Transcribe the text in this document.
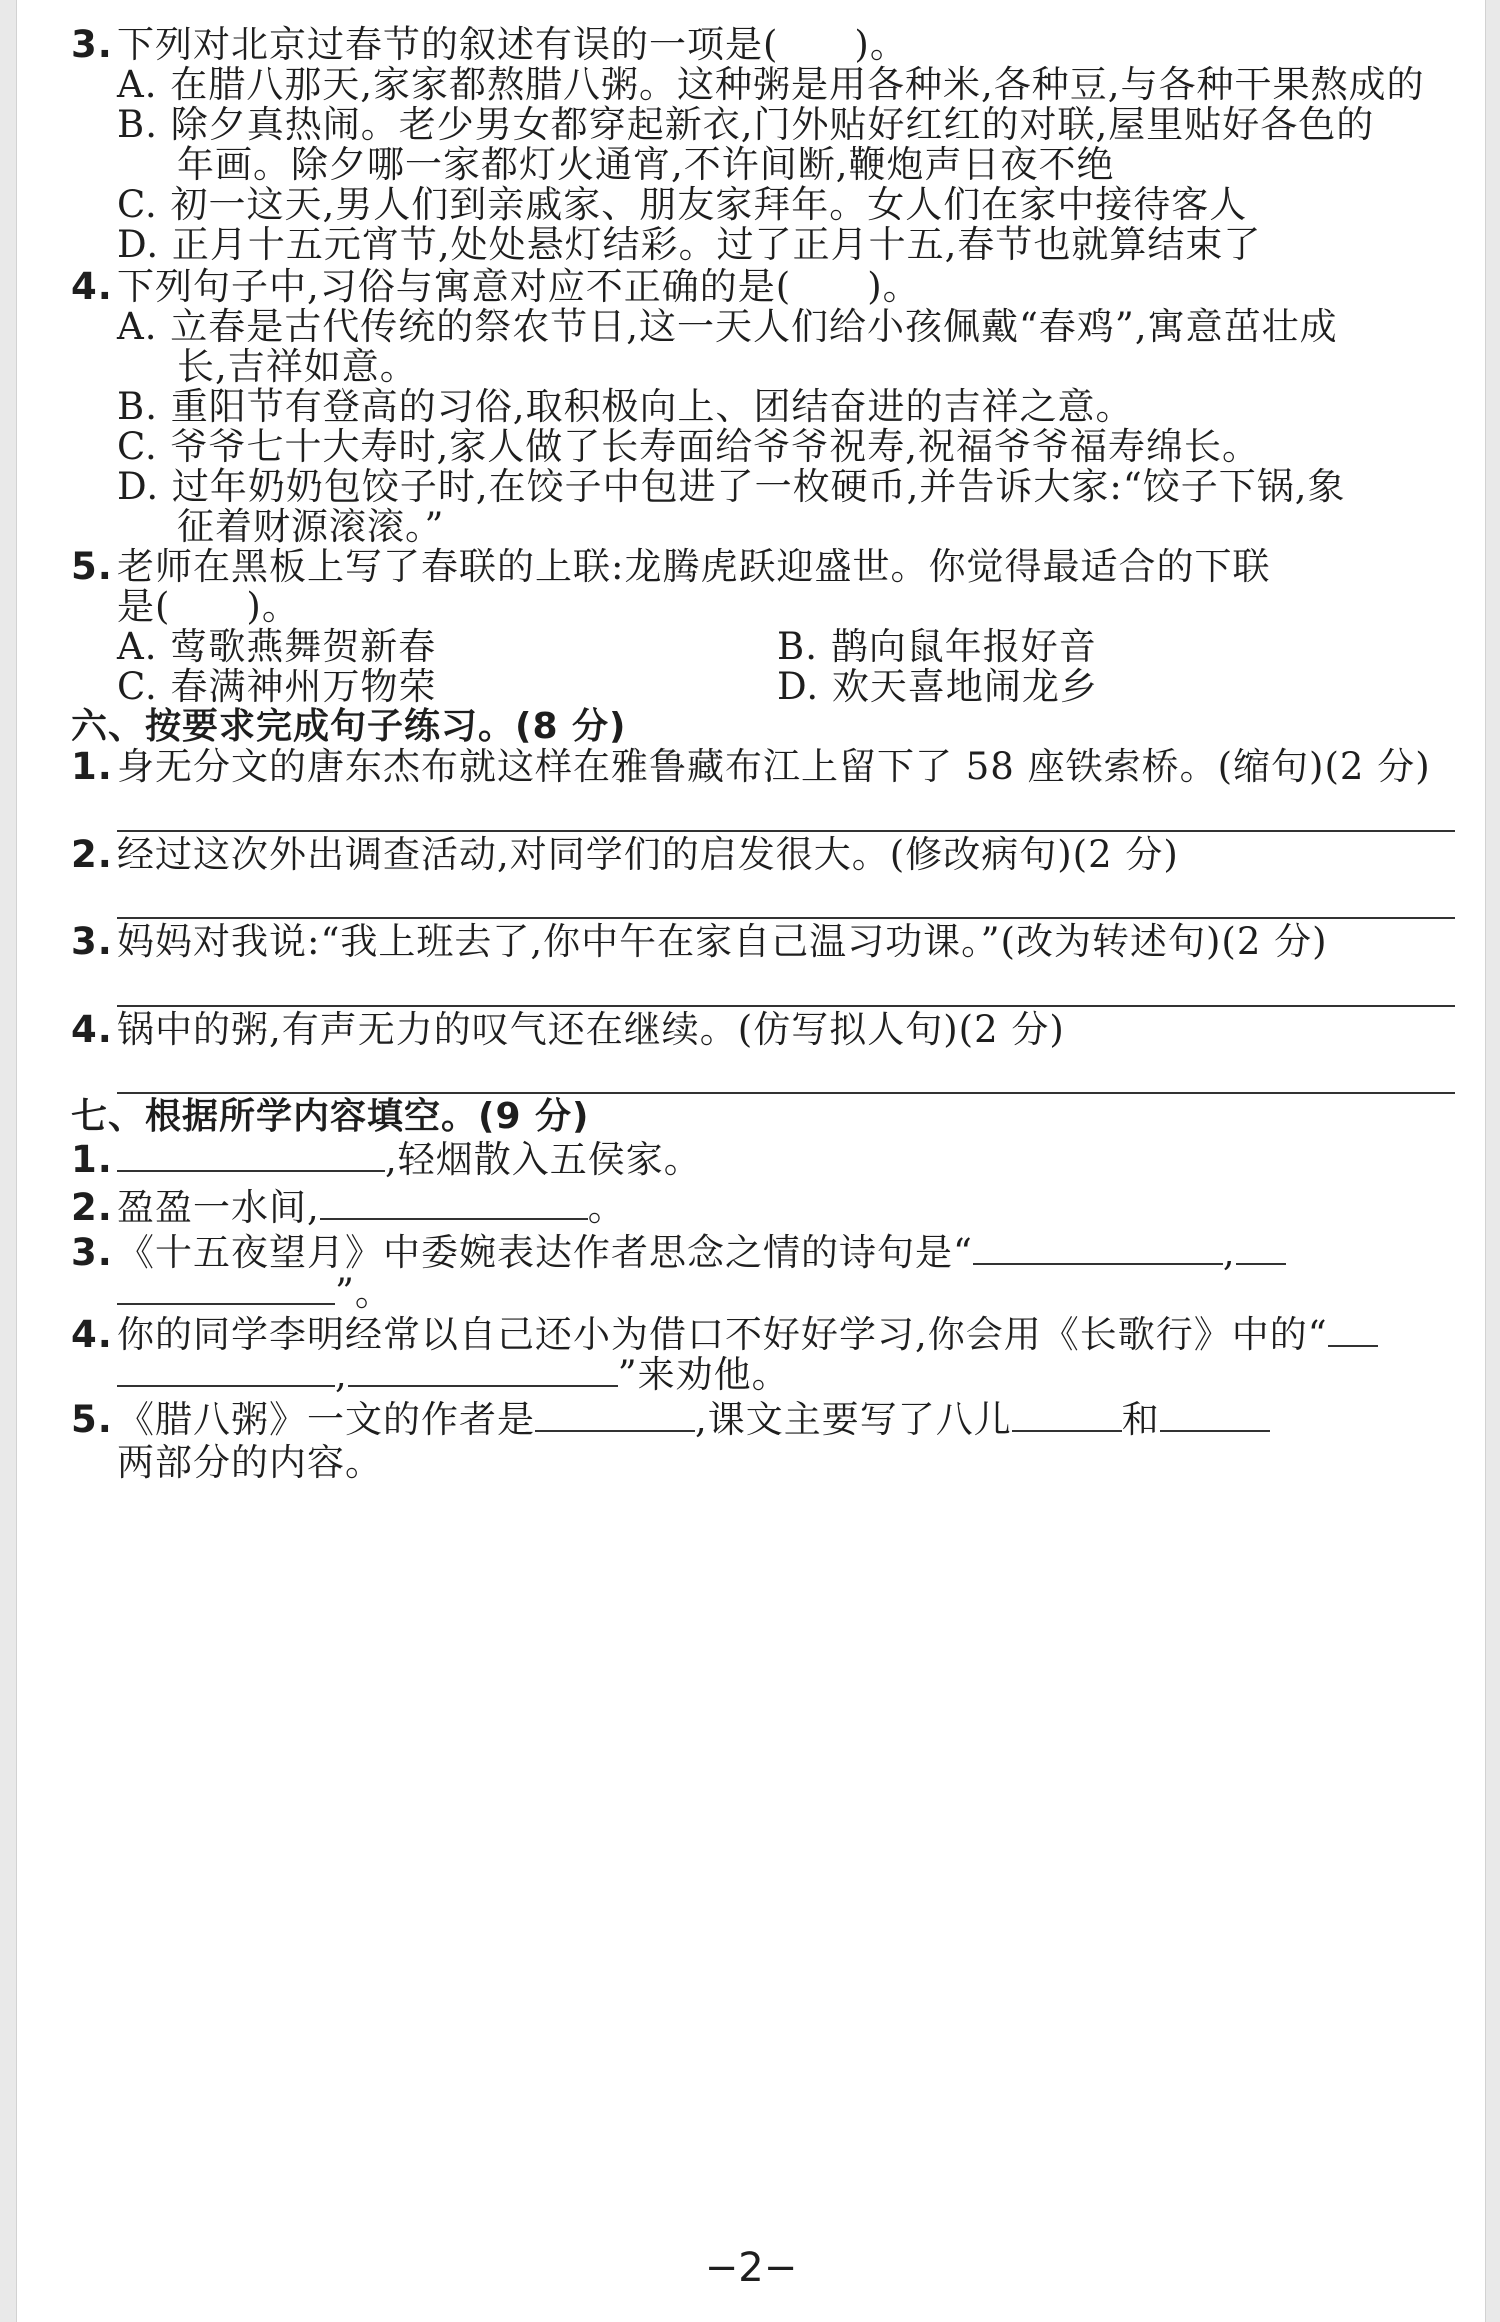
3. 下列对北京过春节的叙述有误的一项是(　　)。
A. 在腊八那天,家家都熬腊八粥。这种粥是用各种米,各种豆,与各种干果熬成的
B. 除夕真热闹。老少男女都穿起新衣,门外贴好红红的对联,屋里贴好各色的
年画。除夕哪一家都灯火通宵,不许间断,鞭炮声日夜不绝
C. 初一这天,男人们到亲戚家、朋友家拜年。女人们在家中接待客人
D. 正月十五元宵节,处处悬灯结彩。过了正月十五,春节也就算结束了
4. 下列句子中,习俗与寓意对应不正确的是(　　)。
A. 立春是古代传统的祭农节日,这一天人们给小孩佩戴“春鸡”,寓意茁壮成
长,吉祥如意。
B. 重阳节有登高的习俗,取积极向上、团结奋进的吉祥之意。
C. 爷爷七十大寿时,家人做了长寿面给爷爷祝寿,祝福爷爷福寿绵长。
D. 过年奶奶包饺子时,在饺子中包进了一枚硬币,并告诉大家:“饺子下锅,象
征着财源滚滚。”
5. 老师在黑板上写了春联的上联:龙腾虎跃迎盛世。你觉得最适合的下联
是(　　)。
A. 莺歌燕舞贺新春	B. 鹊向鼠年报好音
C. 春满神州万物荣	D. 欢天喜地闹龙乡
六、按要求完成句子练习。(8 分)
1. 身无分文的唐东杰布就这样在雅鲁藏布江上留下了 58 座铁索桥。(缩句)(2 分)
2. 经过这次外出调查活动,对同学们的启发很大。(修改病句)(2 分)
3. 妈妈对我说:“我上班去了,你中午在家自己温习功课。”(改为转述句)(2 分)
4. 锅中的粥,有声无力的叹气还在继续。(仿写拟人句)(2 分)
七、根据所学内容填空。(9 分)
1.	,轻烟散入五侯家。
2. 盈盈一水间,	。
3. 《十五夜望月》中委婉表达作者思念之情的诗句是“	,
”。
4. 你的同学李明经常以自己还小为借口不好好学习,你会用《长歌行》中的“
,	”来劝他。
5. 《腊八粥》一文的作者是	,课文主要写了八儿	和
两部分的内容。
−2−
